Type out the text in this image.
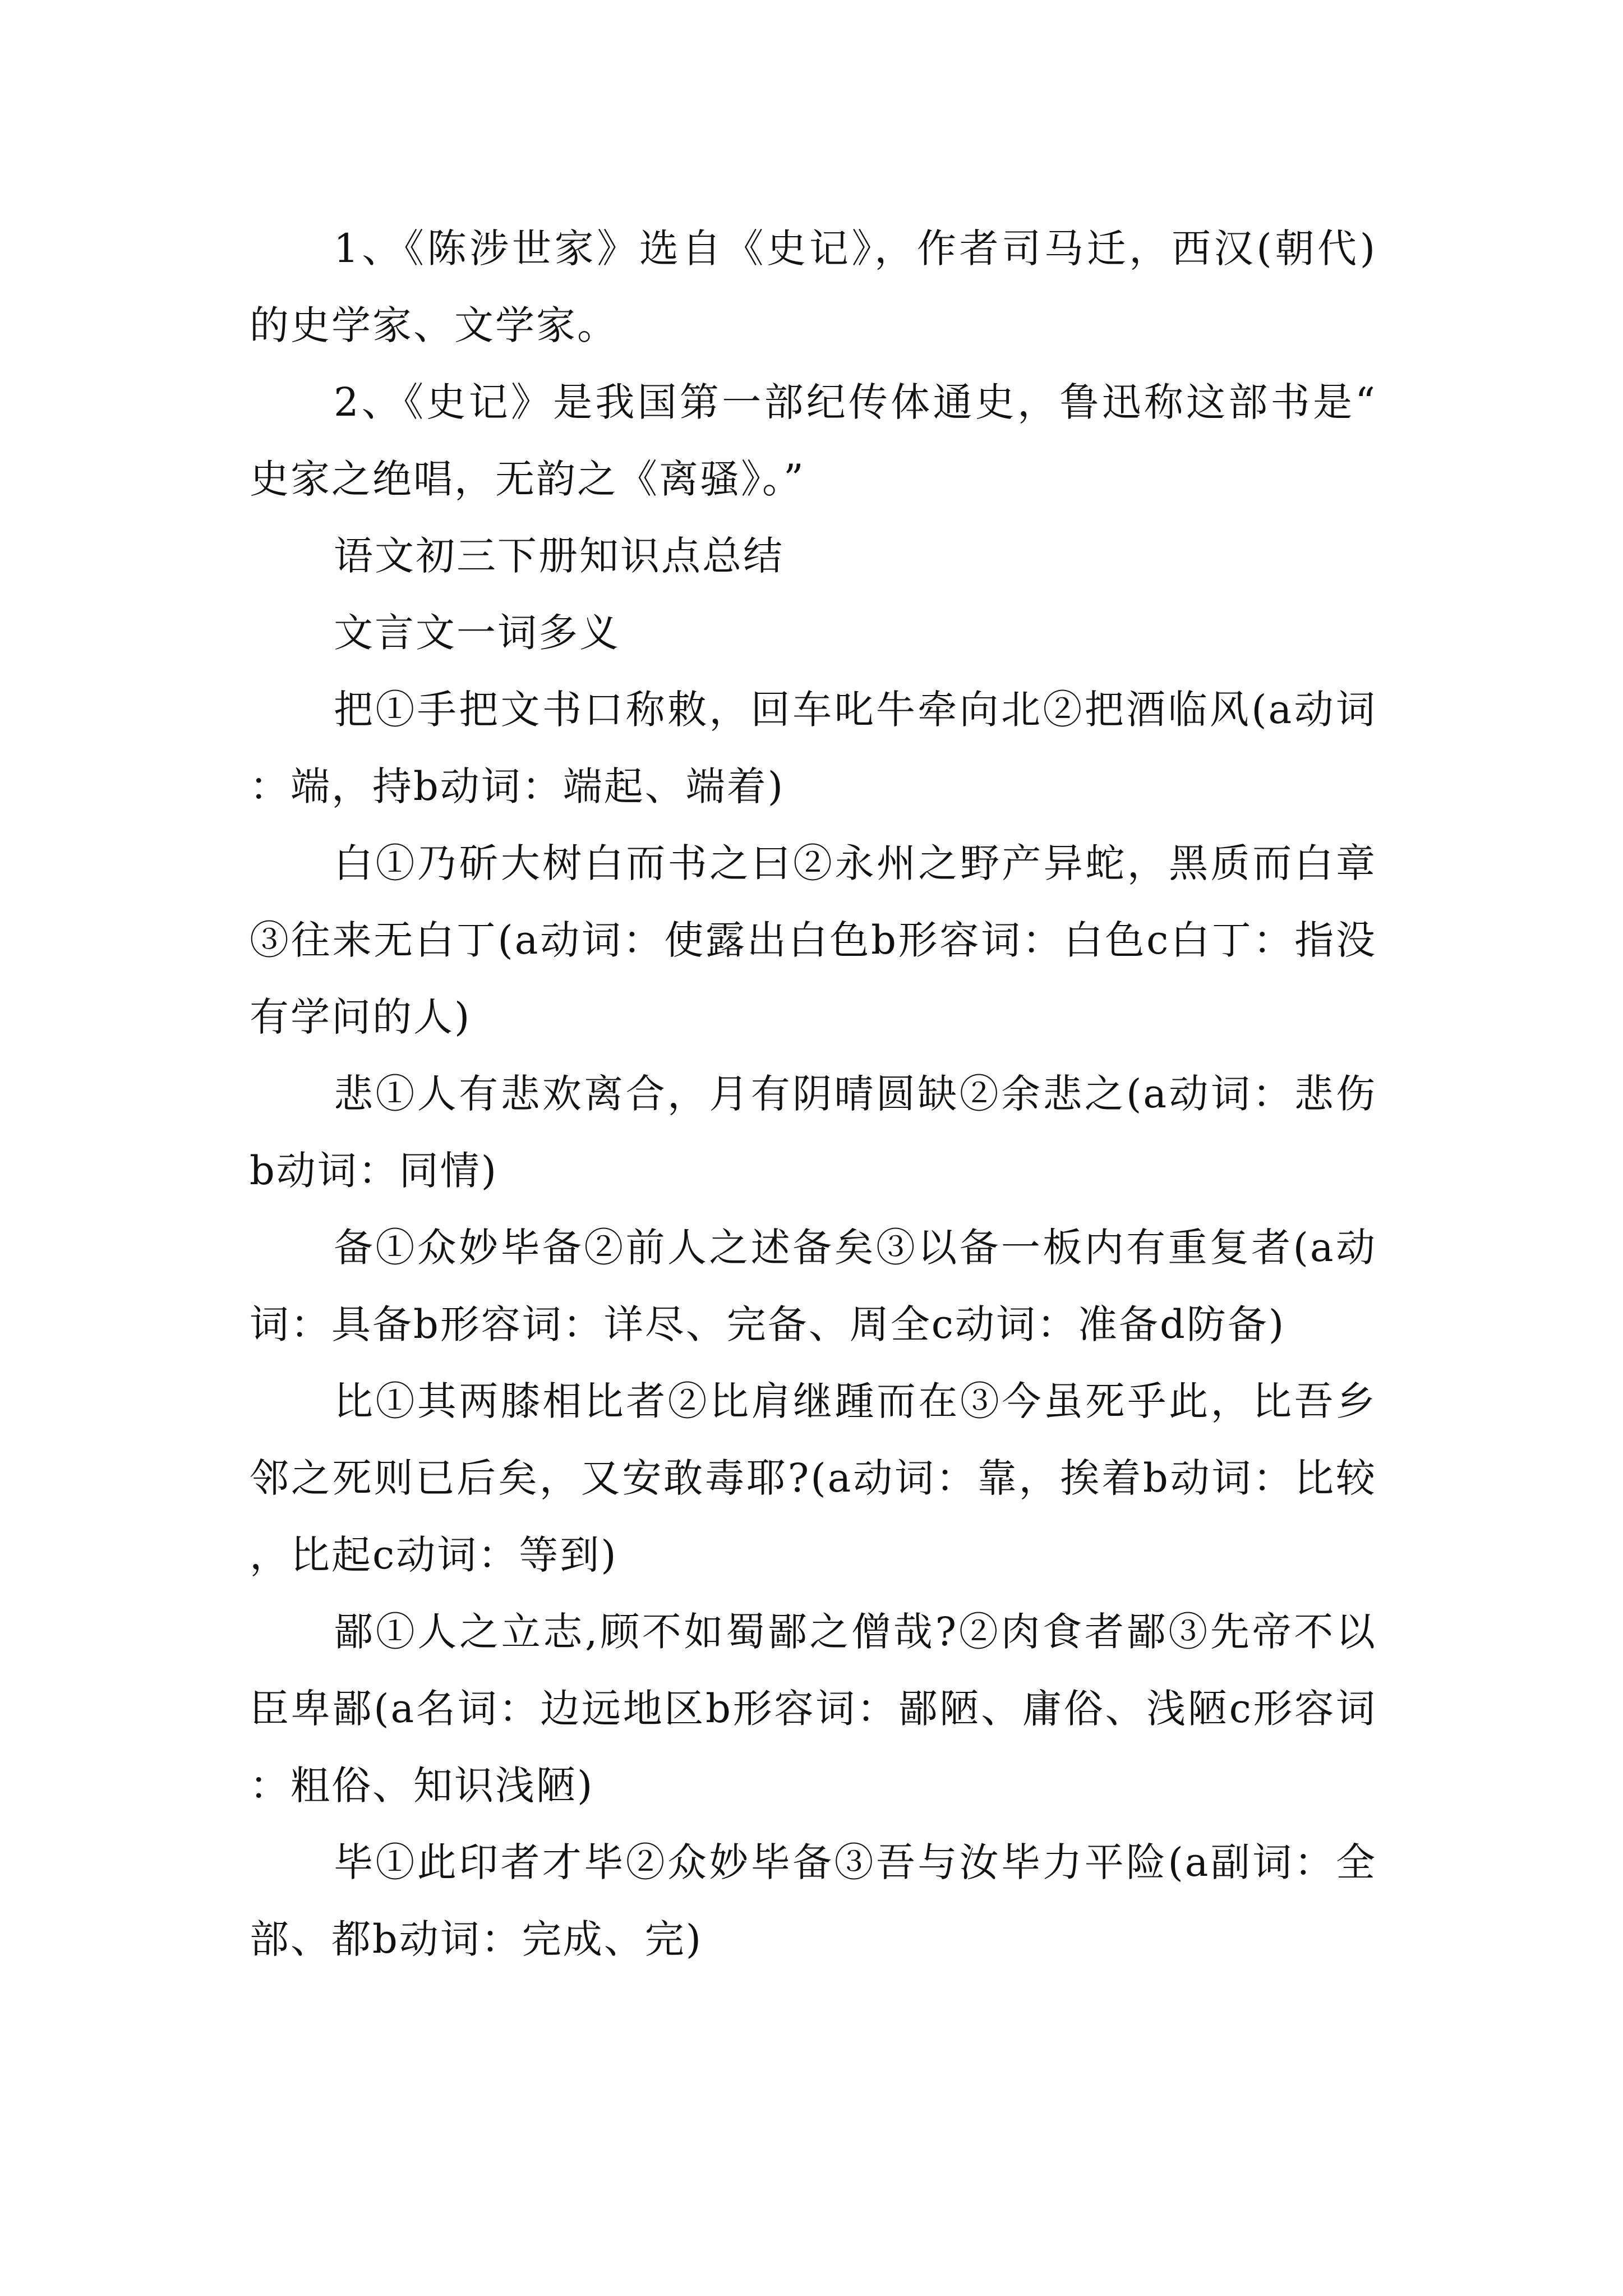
1、《陈涉世家》选自《史记》，作者司马迁，西汉(朝代)的史学家、文学家。

2、《史记》是我国第一部纪传体通史，鲁迅称这部书是“史家之绝唱，无韵之《离骚》。”

语文初三下册知识点总结

文言文一词多义

把①手把文书口称敕，回车叱牛牵向北②把酒临风(a动词：端，持b动词：端起、端着)

白①乃斫大树白而书之曰②永州之野产异蛇，黑质而白章③往来无白丁(a动词：使露出白色b形容词：白色c白丁：指没有学问的人)

悲①人有悲欢离合，月有阴晴圆缺②余悲之(a动词：悲伤b动词：同情)

备①众妙毕备②前人之述备矣③以备一板内有重复者(a动词：具备b形容词：详尽、完备、周全c动词：准备d防备)

比①其两膝相比者②比肩继踵而在③今虽死乎此，比吾乡邻之死则已后矣，又安敢毒耶?(a动词：靠，挨着b动词：比较，比起c动词：等到)

鄙①人之立志,顾不如蜀鄙之僧哉?②肉食者鄙③先帝不以臣卑鄙(a名词：边远地区b形容词：鄙陋、庸俗、浅陋c形容词：粗俗、知识浅陋)

毕①此印者才毕②众妙毕备③吾与汝毕力平险(a副词：全部、都b动词：完成、完)
